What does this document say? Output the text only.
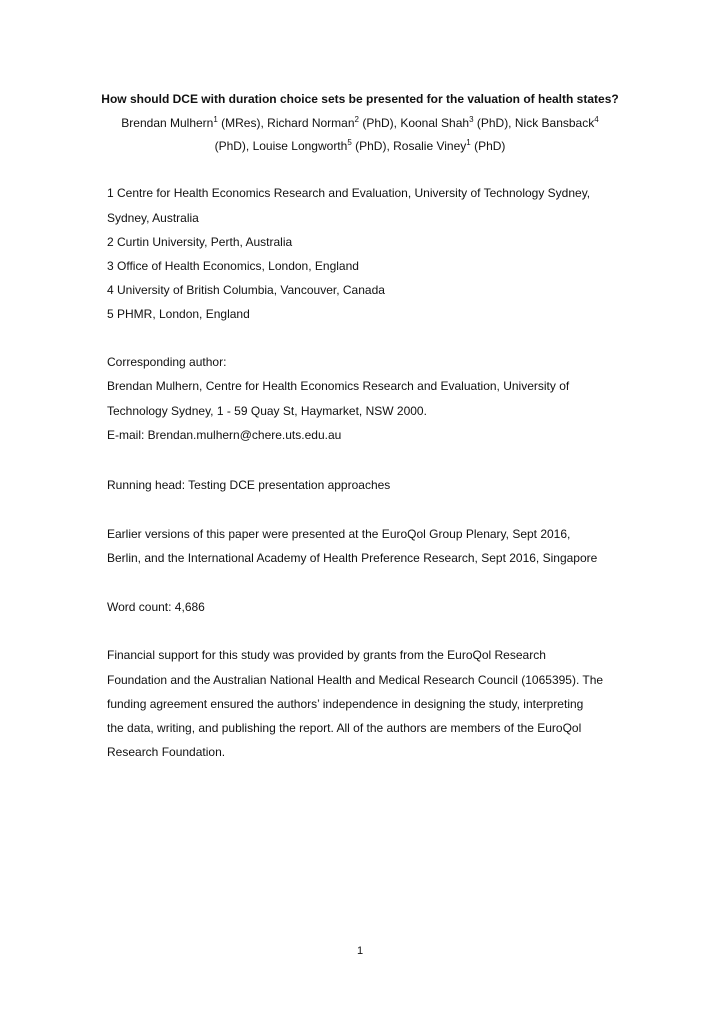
How should DCE with duration choice sets be presented for the valuation of health states?
Brendan Mulhern$^1$ (MRes), Richard Norman$^2$ (PhD), Koonal Shah$^3$ (PhD), Nick Bansback$^4$
(PhD), Louise Longworth$^5$ (PhD), Rosalie Viney$^1$ (PhD)
1 Centre for Health Economics Research and Evaluation, University of Technology Sydney,
Sydney, Australia
2 Curtin University, Perth, Australia
3 Office of Health Economics, London, England
4 University of British Columbia, Vancouver, Canada
5 PHMR, London, England
Corresponding author:
Brendan Mulhern, Centre for Health Economics Research and Evaluation, University of
Technology Sydney, 1 - 59 Quay St, Haymarket, NSW 2000.
E-mail: Brendan.mulhern@chere.uts.edu.au
Running head: Testing DCE presentation approaches
Earlier versions of this paper were presented at the EuroQol Group Plenary, Sept 2016,
Berlin, and the International Academy of Health Preference Research, Sept 2016, Singapore
Word count: 4,686
Financial support for this study was provided by grants from the EuroQol Research
Foundation and the Australian National Health and Medical Research Council (1065395). The
funding agreement ensured the authors’ independence in designing the study, interpreting
the data, writing, and publishing the report. All of the authors are members of the EuroQol
Research Foundation.
1
